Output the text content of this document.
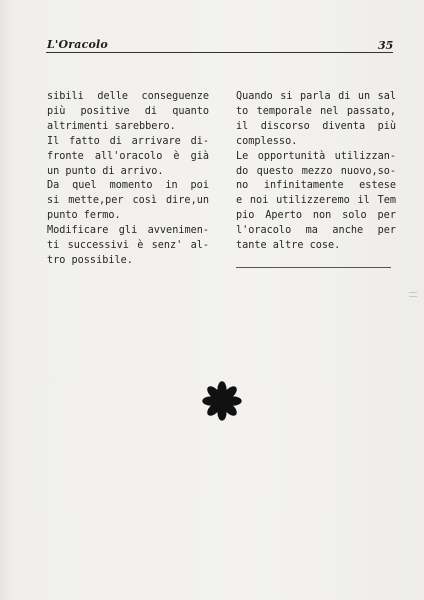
L'Oracolo	35
sibili delle conseguenze
più positive di quanto
altrimenti sarebbero.
Il fatto di arrivare di-
fronte all'oracolo è già
un punto di arrivo.
Da quel momento in poi
si mette,per così dire,un
punto fermo.
Modificare gli avvenimen-
ti successivi è senz' al-
tro possibile.
Quando si parla di un sal
to temporale nel passato,
il discorso diventa più
complesso.
Le opportunità utilizzan-
do questo mezzo nuovo,so-
no infinitamente estese
e noi utilizzeremo il Tem
pio Aperto non solo per
l'oracolo ma anche per
tante altre cose.
